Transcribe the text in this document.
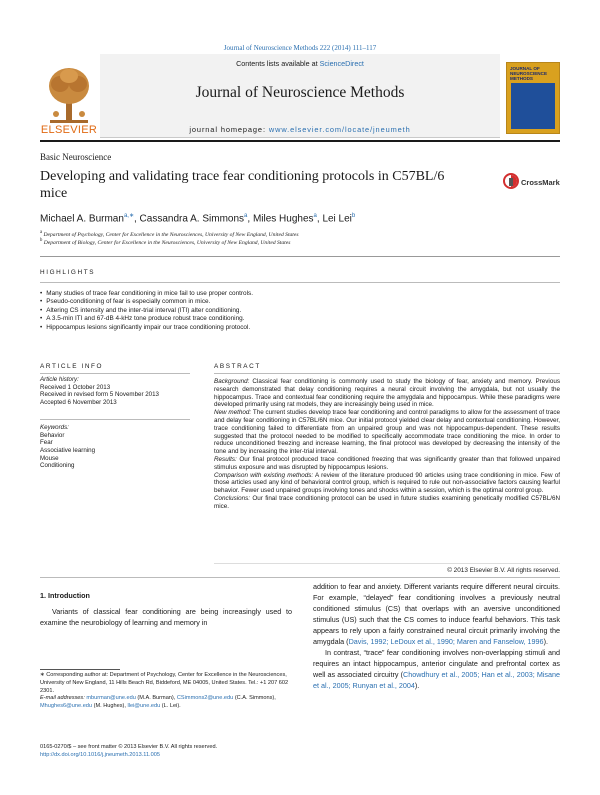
Journal of Neuroscience Methods 222 (2014) 111–117
Contents lists available at ScienceDirect
Journal of Neuroscience Methods
journal homepage: www.elsevier.com/locate/jneumeth
ELSEVIER
JOURNAL OF NEUROSCIENCE METHODS
Basic Neuroscience
Developing and validating trace fear conditioning protocols in C57BL/6 mice
CrossMark
Michael A. Burman$^{a,∗}$, Cassandra A. Simmons$^a$, Miles Hughes$^a$, Lei Lei$^b$
$^a$ Department of Psychology, Center for Excellence in the Neurosciences, University of New England, United States
$^b$ Department of Biology, Center for Excellence in the Neurosciences, University of New England, United States
HIGHLIGHTS
• Many studies of trace fear conditioning in mice fail to use proper controls.
• Pseudo-conditioning of fear is especially common in mice.
• Altering CS intensity and the inter-trial interval (ITI) alter conditioning.
• A 3.5-min ITI and 67-dB 4-kHz tone produce robust trace conditioning.
• Hippocampus lesions significantly impair our trace conditioning protocol.
ARTICLE INFO	ABSTRACT
Article history:
Received 1 October 2013
Received in revised form 5 November 2013
Accepted 6 November 2013
Keywords:
Behavior
Fear
Associative learning
Mouse
Conditioning

Background: Classical fear conditioning is commonly used to study the biology of fear, anxiety and memory. Previous research demonstrated that delay conditioning requires a neural circuit involving the amygdala, but not usually the hippocampus. Trace and contextual fear conditioning require the amygdala and hippocampus. While these paradigms were developed primarily using rat models, they are increasingly being used in mice.

New method: The current studies develop trace fear conditioning and control paradigms to allow for the assessment of trace and delay fear conditioning in C57BL/6N mice. Our initial protocol yielded clear delay and contextual conditioning. However, trace conditioning failed to differentiate from an unpaired group and was not hippocampus-dependent. These results suggested that the protocol needed to be modified to specifically accommodate trace conditioning the mice. In order to reduce unconditioned freezing and increase learning, the final protocol was developed by decreasing the intensity of the tone and by increasing the inter-trial interval.

Results: Our final protocol produced trace conditioned freezing that was significantly greater than that followed unpaired stimulus exposure and was disrupted by hippocampus lesions.

Comparison with existing methods: A review of the literature produced 90 articles using trace conditioning in mice. Few of those articles used any kind of behavioral control group, which is required to rule out non-associative factors causing fearful behavior. Fewer used unpaired groups involving tones and shocks within a session, which is the optimal control group.

Conclusions: Our final trace conditioning protocol can be used in future studies examining genetically modified C57BL/6N mice.

© 2013 Elsevier B.V. All rights reserved.
1. Introduction
Variants of classical fear conditioning are being increasingly used to examine the neurobiology of learning and memory in

addition to fear and anxiety. Different variants require different neural circuits. For example, “delayed” fear conditioning involves a previously neutral conditioned stimulus (CS) that overlaps with an aversive unconditioned stimulus (US) such that the CS comes to induce fearful behaviors. This task appears to rely upon a fairly constrained neural circuit primarily involving the amygdala (Davis, 1992; LeDoux et al., 1990; Maren and Fanselow, 1996).

In contrast, “trace” fear conditioning involves non-overlapping stimuli and requires an intact hippocampus, anterior cingulate and prefrontal cortex as well as associated circuitry (Chowdhury et al., 2005; Han et al., 2003; Misane et al., 2005; Runyan et al., 2004).

∗ Corresponding author at: Department of Psychology, Center for Excellence in the Neurosciences, University of New England, 11 Hills Beach Rd, Biddeford, ME 04005, United States. Tel.: +1 207 602 2301.
E-mail addresses: mburman@une.edu (M.A. Burman), CSimmons2@une.edu (C.A. Simmons), Mhughes6@une.edu (M. Hughes), llei@une.edu (L. Lei).
0165-0270/$ – see front matter © 2013 Elsevier B.V. All rights reserved.
http://dx.doi.org/10.1016/j.jneumeth.2013.11.005
